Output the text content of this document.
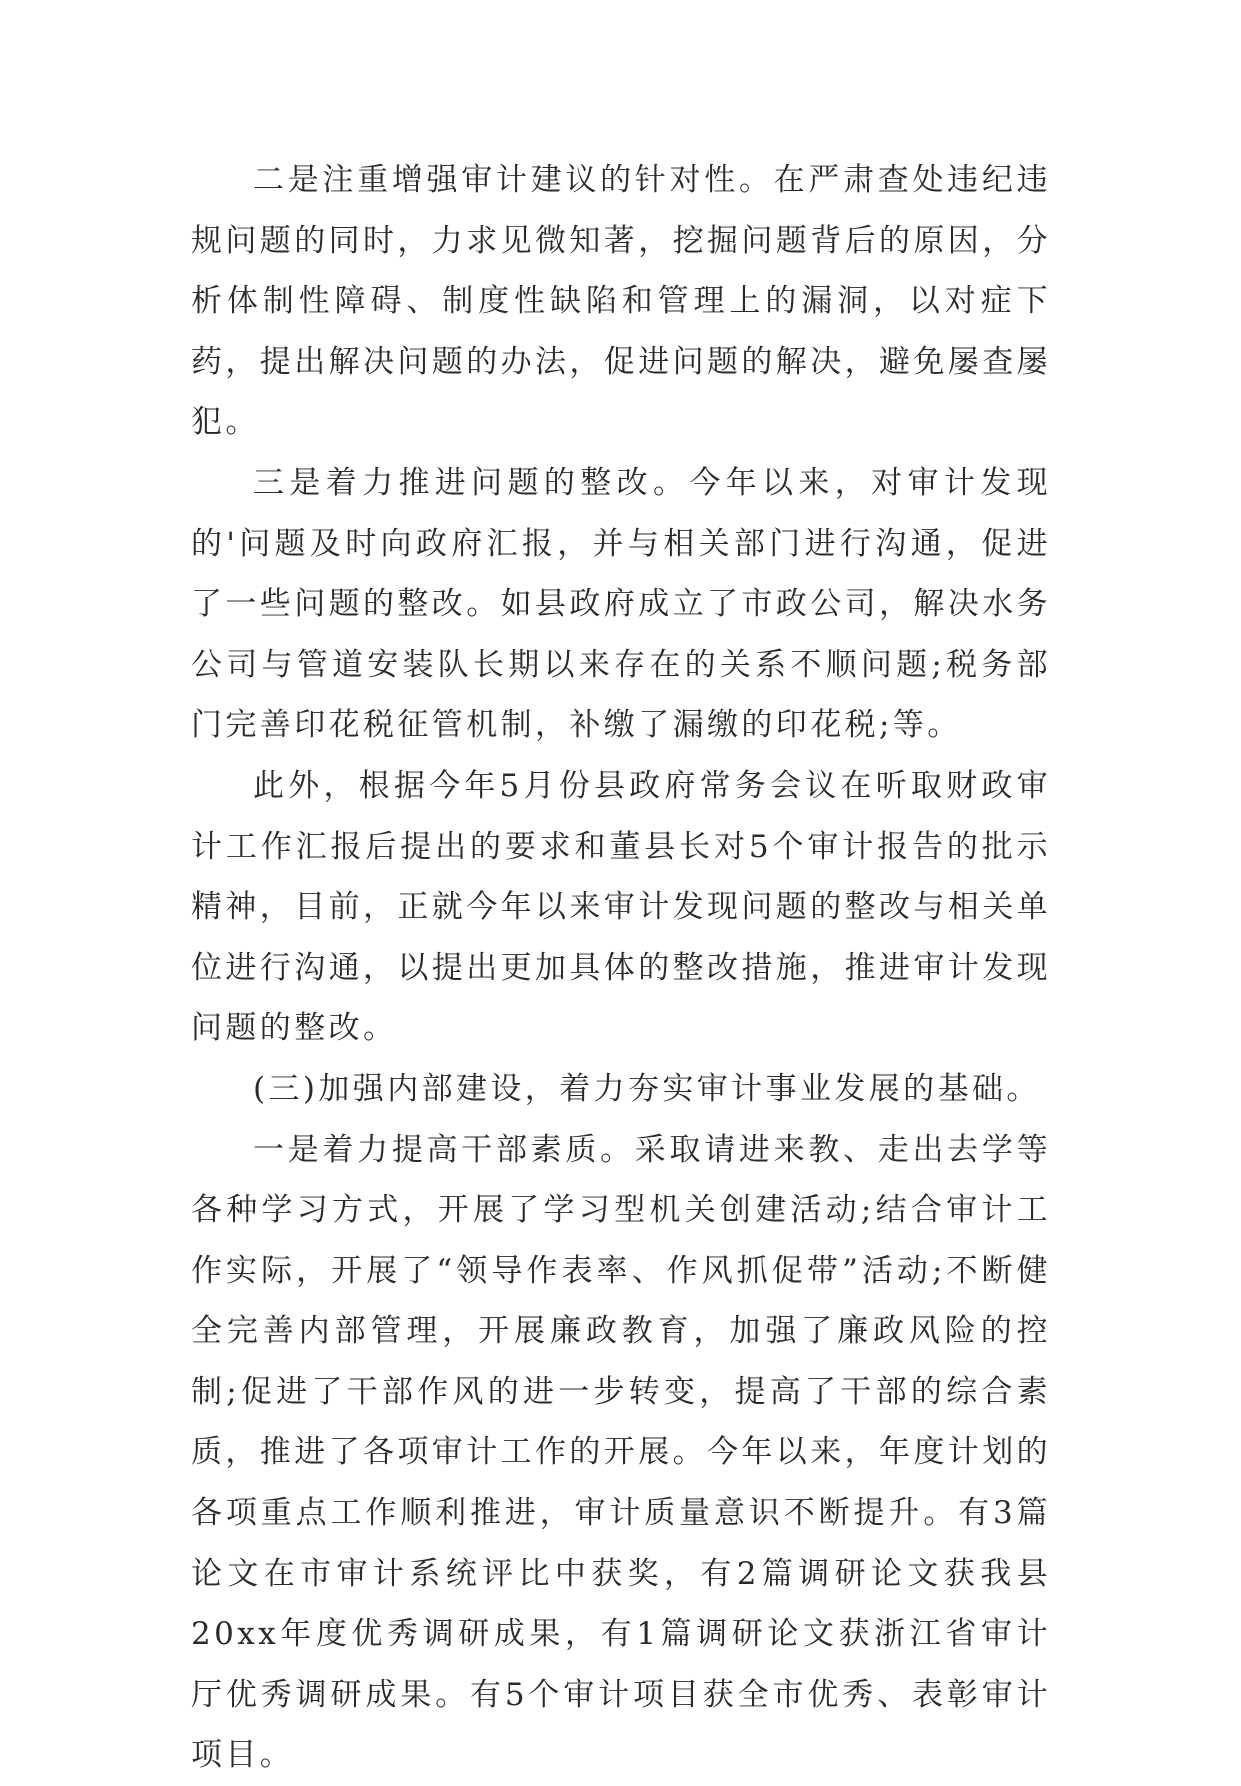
二是注重增强审计建议的针对性。在严肃查处违纪违规问题的同时，力求见微知著，挖掘问题背后的原因，分析体制性障碍、制度性缺陷和管理上的漏洞，以对症下药，提出解决问题的办法，促进问题的解决，避免屡查屡犯。

三是着力推进问题的整改。今年以来，对审计发现的'问题及时向政府汇报，并与相关部门进行沟通，促进了一些问题的整改。如县政府成立了市政公司，解决水务公司与管道安装队长期以来存在的关系不顺问题;税务部门完善印花税征管机制，补缴了漏缴的印花税;等。

此外，根据今年5月份县政府常务会议在听取财政审计工作汇报后提出的要求和董县长对5个审计报告的批示精神，目前，正就今年以来审计发现问题的整改与相关单位进行沟通，以提出更加具体的整改措施，推进审计发现问题的整改。

(三)加强内部建设，着力夯实审计事业发展的基础。

一是着力提高干部素质。采取请进来教、走出去学等各种学习方式，开展了学习型机关创建活动;结合审计工作实际，开展了“领导作表率、作风抓促带”活动;不断健全完善内部管理，开展廉政教育，加强了廉政风险的控制;促进了干部作风的进一步转变，提高了干部的综合素质，推进了各项审计工作的开展。今年以来，年度计划的各项重点工作顺利推进，审计质量意识不断提升。有3篇论文在市审计系统评比中获奖，有2篇调研论文获我县20xx年度优秀调研成果，有1篇调研论文获浙江省审计厅优秀调研成果。有5个审计项目获全市优秀、表彰审计项目。
